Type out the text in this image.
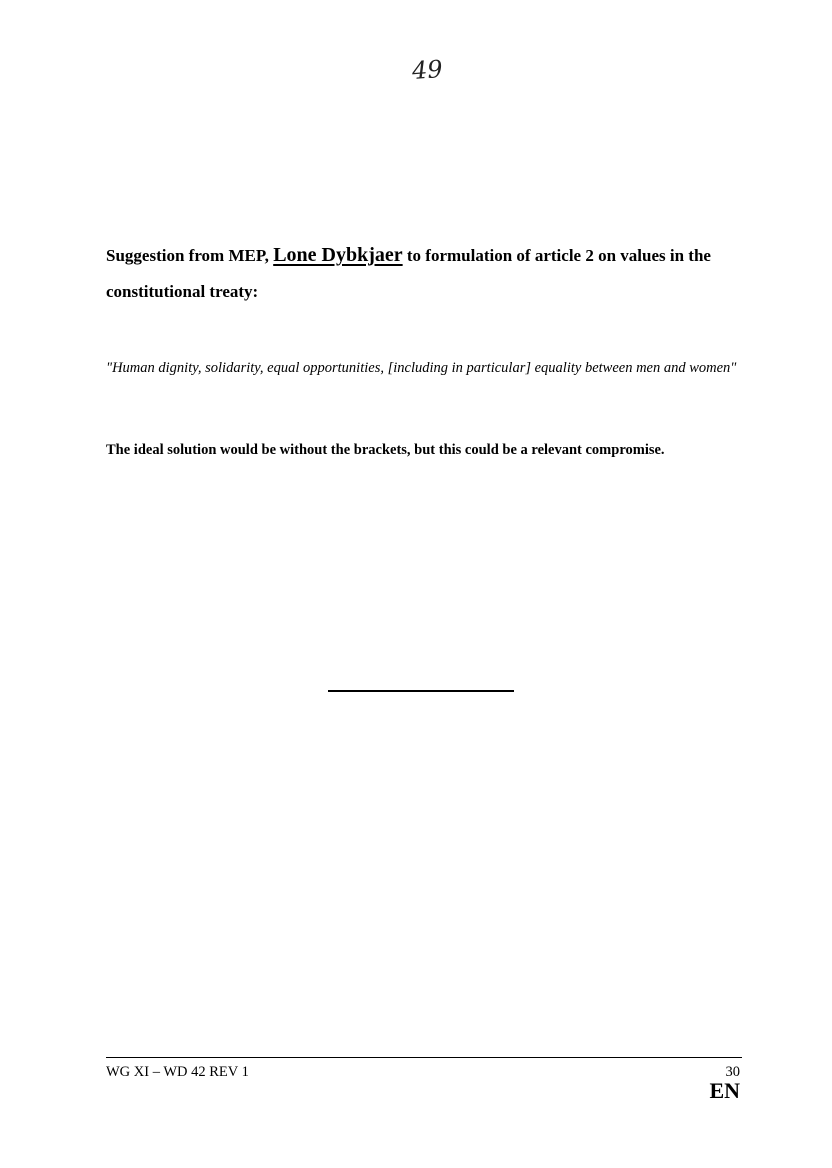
49
Suggestion from MEP, Lone Dybkjaer to formulation of article 2 on values in the constitutional treaty:
"Human dignity, solidarity, equal opportunities, [including in particular] equality between men and women"
The ideal solution would be without the brackets, but this could be a relevant compromise.
WG XI – WD 42 REV 1	30
EN
